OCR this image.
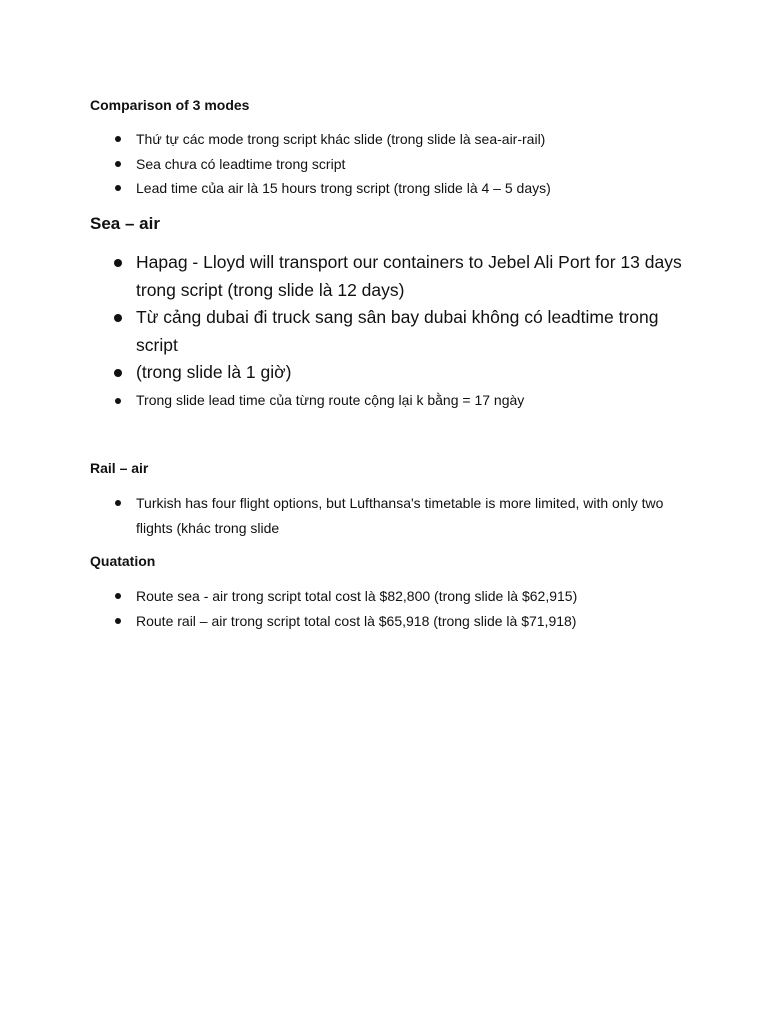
Comparison of 3 modes

Thứ tự các mode trong script khác slide (trong slide là sea-air-rail)
Sea chưa có leadtime trong script
Lead time của air là 15 hours trong script (trong slide là 4 – 5 days)

Sea – air

Hapag - Lloyd will transport our containers to Jebel Ali Port for 13 days trong script (trong slide là 12 days)
Từ cảng dubai đi truck sang sân bay dubai không có leadtime trong script
(trong slide là 1 giờ)
Trong slide lead time của từng route cộng lại k bằng = 17 ngày

Rail – air

Turkish has four flight options, but Lufthansa's timetable is more limited, with only two flights (khác trong slide

Quatation

Route sea - air trong script total cost là $82,800 (trong slide là $62,915)
Route rail – air trong script total cost là $65,918 (trong slide là $71,918)
